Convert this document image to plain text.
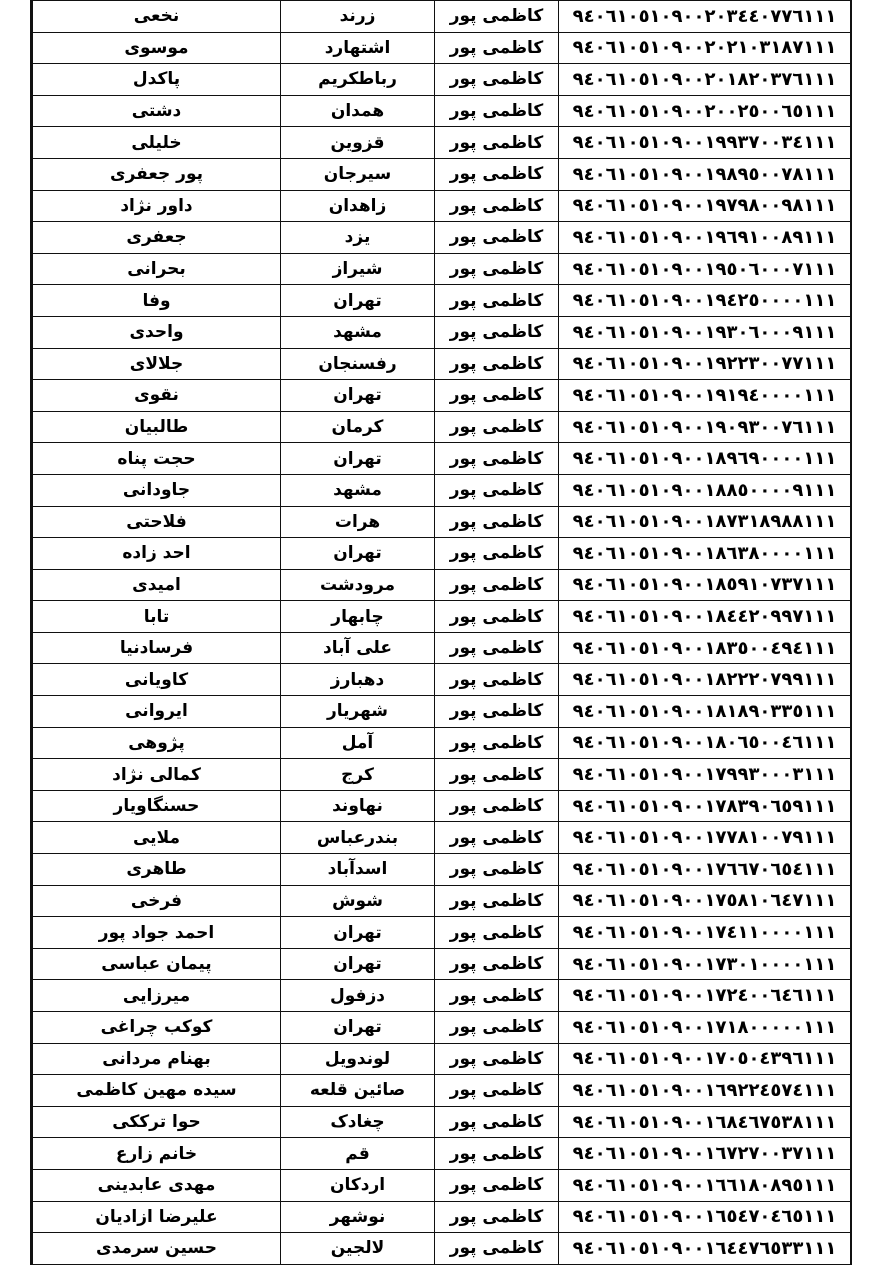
۹٤۰٦۱۰٥۱۰۹۰۰۲۰۳٤٤۰۷۷٦۱۱۱	کاظمی پور	زرند	نخعی
۹٤۰٦۱۰٥۱۰۹۰۰۲۰۲۱۰۳۱۸۷۱۱۱	کاظمی پور	اشتهارد	موسوی
۹٤۰٦۱۰٥۱۰۹۰۰۲۰۱۸۲۰۳۷٦۱۱۱	کاظمی پور	رباطکریم	پاکدل
۹٤۰٦۱۰٥۱۰۹۰۰۲۰۰۲٥۰۰٦٥۱۱۱	کاظمی پور	همدان	دشتی
۹٤۰٦۱۰٥۱۰۹۰۰۱۹۹۳۷۰۰۳٤۱۱۱	کاظمی پور	قزوین	خلیلی
۹٤۰٦۱۰٥۱۰۹۰۰۱۹۸۹٥۰۰۷۸۱۱۱	کاظمی پور	سیرجان	پور جعفری
۹٤۰٦۱۰٥۱۰۹۰۰۱۹۷۹۸۰۰۹۸۱۱۱	کاظمی پور	زاهدان	داور نژاد
۹٤۰٦۱۰٥۱۰۹۰۰۱۹٦۹۱۰۰۸۹۱۱۱	کاظمی پور	یزد	جعفری
۹٤۰٦۱۰٥۱۰۹۰۰۱۹٥۰٦۰۰۰۷۱۱۱	کاظمی پور	شیراز	بحرانی
۹٤۰٦۱۰٥۱۰۹۰۰۱۹٤۲٥۰۰۰۰۱۱۱	کاظمی پور	تهران	وفا
۹٤۰٦۱۰٥۱۰۹۰۰۱۹۳۰٦۰۰۰۹۱۱۱	کاظمی پور	مشهد	واحدی
۹٤۰٦۱۰٥۱۰۹۰۰۱۹۲۲۳۰۰۷۷۱۱۱	کاظمی پور	رفسنجان	جلالای
۹٤۰٦۱۰٥۱۰۹۰۰۱۹۱۹٤۰۰۰۰۱۱۱	کاظمی پور	تهران	نقوی
۹٤۰٦۱۰٥۱۰۹۰۰۱۹۰۹۳۰۰۷٦۱۱۱	کاظمی پور	کرمان	طالبیان
۹٤۰٦۱۰٥۱۰۹۰۰۱۸۹٦۹۰۰۰۰۱۱۱	کاظمی پور	تهران	حجت پناه
۹٤۰٦۱۰٥۱۰۹۰۰۱۸۸٥۰۰۰۰۹۱۱۱	کاظمی پور	مشهد	جاودانی
۹٤۰٦۱۰٥۱۰۹۰۰۱۸۷۳۱۸۹۸۸۱۱۱	کاظمی پور	هرات	فلاحتی
۹٤۰٦۱۰٥۱۰۹۰۰۱۸٦۳۸۰۰۰۰۱۱۱	کاظمی پور	تهران	احد زاده
۹٤۰٦۱۰٥۱۰۹۰۰۱۸٥۹۱۰۷۳۷۱۱۱	کاظمی پور	مرودشت	امیدی
۹٤۰٦۱۰٥۱۰۹۰۰۱۸٤٤۲۰۹۹۷۱۱۱	کاظمی پور	چابهار	تابا
۹٤۰٦۱۰٥۱۰۹۰۰۱۸۳٥۰۰٤۹٤۱۱۱	کاظمی پور	علی آباد	فرسادنیا
۹٤۰٦۱۰٥۱۰۹۰۰۱۸۲۲۲۰۷۹۹۱۱۱	کاظمی پور	دهبارز	کاویانی
۹٤۰٦۱۰٥۱۰۹۰۰۱۸۱۸۹۰۳۳٥۱۱۱	کاظمی پور	شهریار	ایروانی
۹٤۰٦۱۰٥۱۰۹۰۰۱۸۰٦٥۰۰٤٦۱۱۱	کاظمی پور	آمل	پژوهی
۹٤۰٦۱۰٥۱۰۹۰۰۱۷۹۹۳۰۰۰۳۱۱۱	کاظمی پور	کرج	کمالی نژاد
۹٤۰٦۱۰٥۱۰۹۰۰۱۷۸۳۹۰٦٥۹۱۱۱	کاظمی پور	نهاوند	حسنگاویار
۹٤۰٦۱۰٥۱۰۹۰۰۱۷۷۸۱۰۰۷۹۱۱۱	کاظمی پور	بندرعباس	ملایی
۹٤۰٦۱۰٥۱۰۹۰۰۱۷٦٦۷۰٦٥٤۱۱۱	کاظمی پور	اسدآباد	طاهری
۹٤۰٦۱۰٥۱۰۹۰۰۱۷٥۸۱۰٦٤۷۱۱۱	کاظمی پور	شوش	فرخی
۹٤۰٦۱۰٥۱۰۹۰۰۱۷٤۱۱۰۰۰۰۱۱۱	کاظمی پور	تهران	احمد جواد پور
۹٤۰٦۱۰٥۱۰۹۰۰۱۷۳۰۱۰۰۰۰۱۱۱	کاظمی پور	تهران	پیمان عباسی
۹٤۰٦۱۰٥۱۰۹۰۰۱۷۲٤۰۰٦٤٦۱۱۱	کاظمی پور	دزفول	میرزایی
۹٤۰٦۱۰٥۱۰۹۰۰۱۷۱۸۰۰۰۰۰۱۱۱	کاظمی پور	تهران	کوکب چراغی
۹٤۰٦۱۰٥۱۰۹۰۰۱۷۰٥۰٤۳۹٦۱۱۱	کاظمی پور	لوندویل	بهنام مردانی
۹٤۰٦۱۰٥۱۰۹۰۰۱٦۹۲۲٤٥۷٤۱۱۱	کاظمی پور	صائین قلعه	سیده مهین کاظمی
۹٤۰٦۱۰٥۱۰۹۰۰۱٦۸٤٦۷٥۳۸۱۱۱	کاظمی پور	چغادک	حوا ترککی
۹٤۰٦۱۰٥۱۰۹۰۰۱٦۷۲۷۰۰۳۷۱۱۱	کاظمی پور	قم	خانم زارع
۹٤۰٦۱۰٥۱۰۹۰۰۱٦٦۱۸۰۸۹٥۱۱۱	کاظمی پور	اردکان	مهدی عابدینی
۹٤۰٦۱۰٥۱۰۹۰۰۱٦٥٤۷۰٤٦٥۱۱۱	کاظمی پور	نوشهر	علیرضا ازادیان
۹٤۰٦۱۰٥۱۰۹۰۰۱٦٤٤۷٦٥۳۳۱۱۱	کاظمی پور	لالجین	حسین سرمدی
